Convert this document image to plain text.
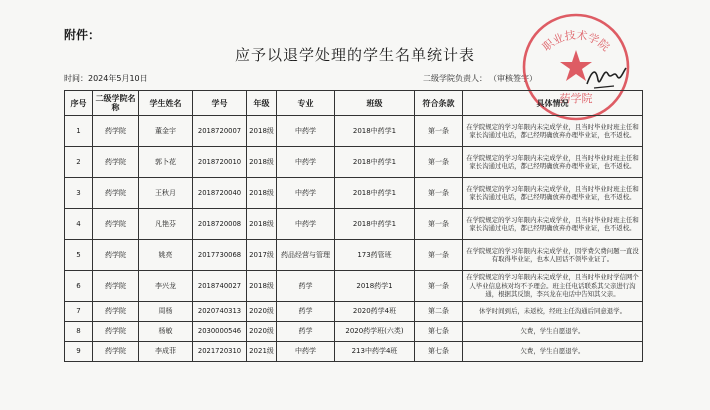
附件：
应予以退学处理的学生名单统计表
时间：2024年5月10日	二级学院负责人： （审核签字）
职业技术学院
药学院
序号	二级学院名称	学生姓名	学号	年级	专业	班级	符合条款	具体情况
1	药学院	董金宇	2018720007	2018级	中药学	2018中药学1	第一条	在学院规定的学习年限内未完成学业，且当时毕业时班主任和家长沟通过电话，都已经明确放弃办理毕业证，也不返校。
2	药学院	郭卜花	2018720010	2018级	中药学	2018中药学1	第一条	在学院规定的学习年限内未完成学业，且当时毕业时班主任和家长沟通过电话，都已经明确放弃办理毕业证，也不返校。
3	药学院	王秋月	2018720040	2018级	中药学	2018中药学1	第一条	在学院规定的学习年限内未完成学业，且当时毕业时班主任和家长沟通过电话，都已经明确放弃办理毕业证，也不返校。
4	药学院	凡艳芬	2018720008	2018级	中药学	2018中药学1	第一条	在学院规定的学习年限内未完成学业，且当时毕业时班主任和家长沟通过电话，都已经明确放弃办理毕业证，也不返校。
5	药学院	姚亮	2017730068	2017级	药品经营与管理	173药管班	第一条	在学院规定的学习年限内未完成学业，因学费欠费问题一直没有取得毕业证，也本人回话不领毕业证了。
6	药学院	李兴龙	2018740027	2018级	药学	2018药学1	第一条	在学院规定的学习年限内未完成学业，且当时毕业时学信网个人毕业信息核对均不予理会。班主任电话联系其父亲进行沟通，根据其反馈，李兴龙在电话中告知其父亲。
7	药学院	周杨	2020740313	2020级	药学	2020药学4班	第二条	休学时间到后，未返校，经班主任沟通后同意退学。
8	药学院	杨敏	2030000546	2020级	药学	2020药学班(六类)	第七条	欠费，学生自愿退学。
9	药学院	李成菲	2021720310	2021级	中药学	213中药学4班	第七条	欠费，学生自愿退学。
